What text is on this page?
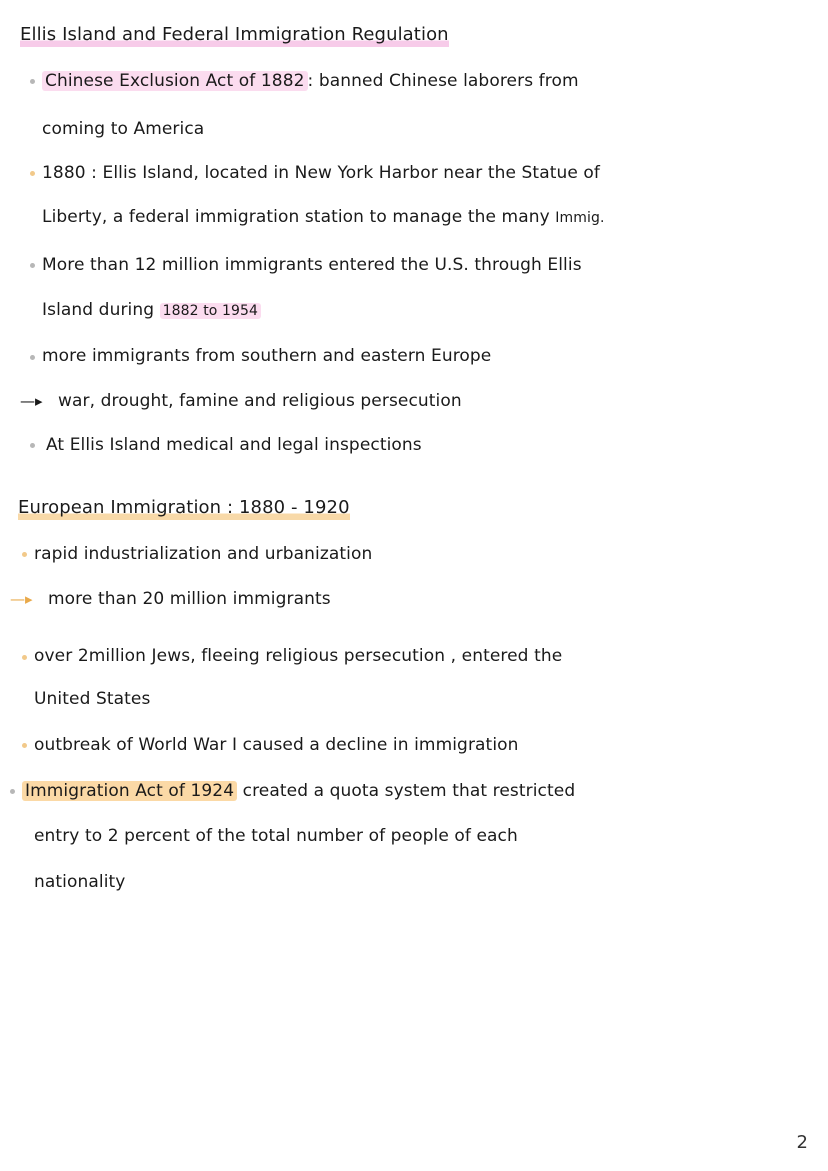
Ellis Island and Federal Immigration Regulation
Chinese Exclusion Act of 1882 : banned Chinese laborers from
coming to America
1880 : Ellis Island, located in New York Harbor near the Statue of
Liberty, a federal immigration station to manage the many Immig.
More than 12 million immigrants entered the U.S. through Ellis
Island during 1882 to 1954
more immigrants from southern and eastern Europe
—▸ war, drought, famine and religious persecution
At Ellis Island medical and legal inspections
European Immigration : 1880 - 1920
rapid industrialization and urbanization
—▸ more than 20 million immigrants
over 2million Jews, fleeing religious persecution , entered the
United States
outbreak of World War I caused a decline in immigration
Immigration Act of 1924 created a quota system that restricted
entry to 2 percent of the total number of people of each
nationality
2
